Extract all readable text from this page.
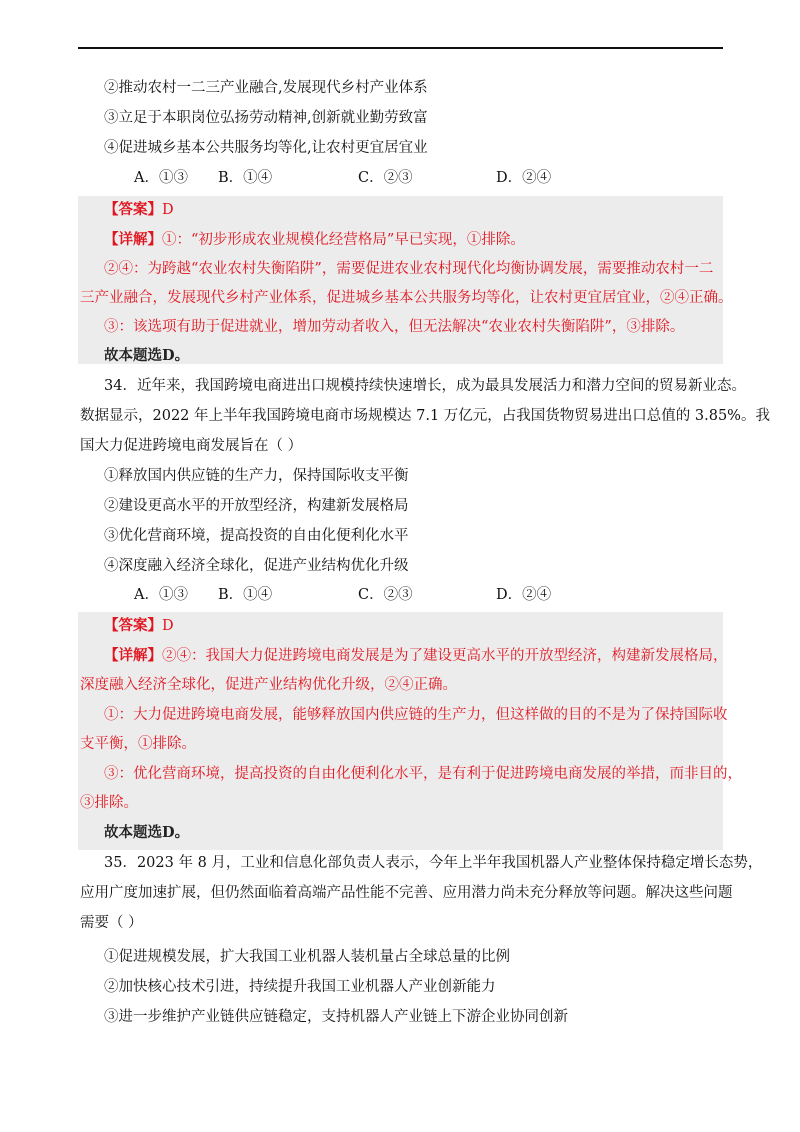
②推动农村一二三产业融合,发展现代乡村产业体系
③立足于本职岗位弘扬劳动精神,创新就业勤劳致富
④促进城乡基本公共服务均等化,让农村更宜居宜业
A．①③ B．①④	C．②③	D．②④
【答案】D
【详解】①：“初步形成农业规模化经营格局”早已实现，①排除。
②④：为跨越“农业农村失衡陷阱”，需要促进农业农村现代化均衡协调发展，需要推动农村一二
三产业融合，发展现代乡村产业体系，促进城乡基本公共服务均等化，让农村更宜居宜业，②④正确。
③：该选项有助于促进就业，增加劳动者收入，但无法解决“农业农村失衡陷阱”，③排除。
故本题选D。
34．近年来，我国跨境电商进出口规模持续快速增长，成为最具发展活力和潜力空间的贸易新业态。
数据显示，2022 年上半年我国跨境电商市场规模达 7.1 万亿元，占我国货物贸易进出口总值的 3.85%。我
国大力促进跨境电商发展旨在（ ）
①释放国内供应链的生产力，保持国际收支平衡
②建设更高水平的开放型经济，构建新发展格局
③优化营商环境，提高投资的自由化便利化水平
④深度融入经济全球化，促进产业结构优化升级
A．①③ B．①④	C．②③	D．②④
【答案】D
【详解】②④：我国大力促进跨境电商发展是为了建设更高水平的开放型经济，构建新发展格局，
深度融入经济全球化，促进产业结构优化升级，②④正确。
①：大力促进跨境电商发展，能够释放国内供应链的生产力，但这样做的目的不是为了保持国际收
支平衡，①排除。
③：优化营商环境，提高投资的自由化便利化水平，是有利于促进跨境电商发展的举措，而非目的，
③排除。
故本题选D。
35．2023 年 8 月，工业和信息化部负责人表示，今年上半年我国机器人产业整体保持稳定增长态势，
应用广度加速扩展，但仍然面临着高端产品性能不完善、应用潜力尚未充分释放等问题。解决这些问题
需要（ ）
①促进规模发展，扩大我国工业机器人装机量占全球总量的比例
②加快核心技术引进，持续提升我国工业机器人产业创新能力
③进一步维护产业链供应链稳定，支持机器人产业链上下游企业协同创新
